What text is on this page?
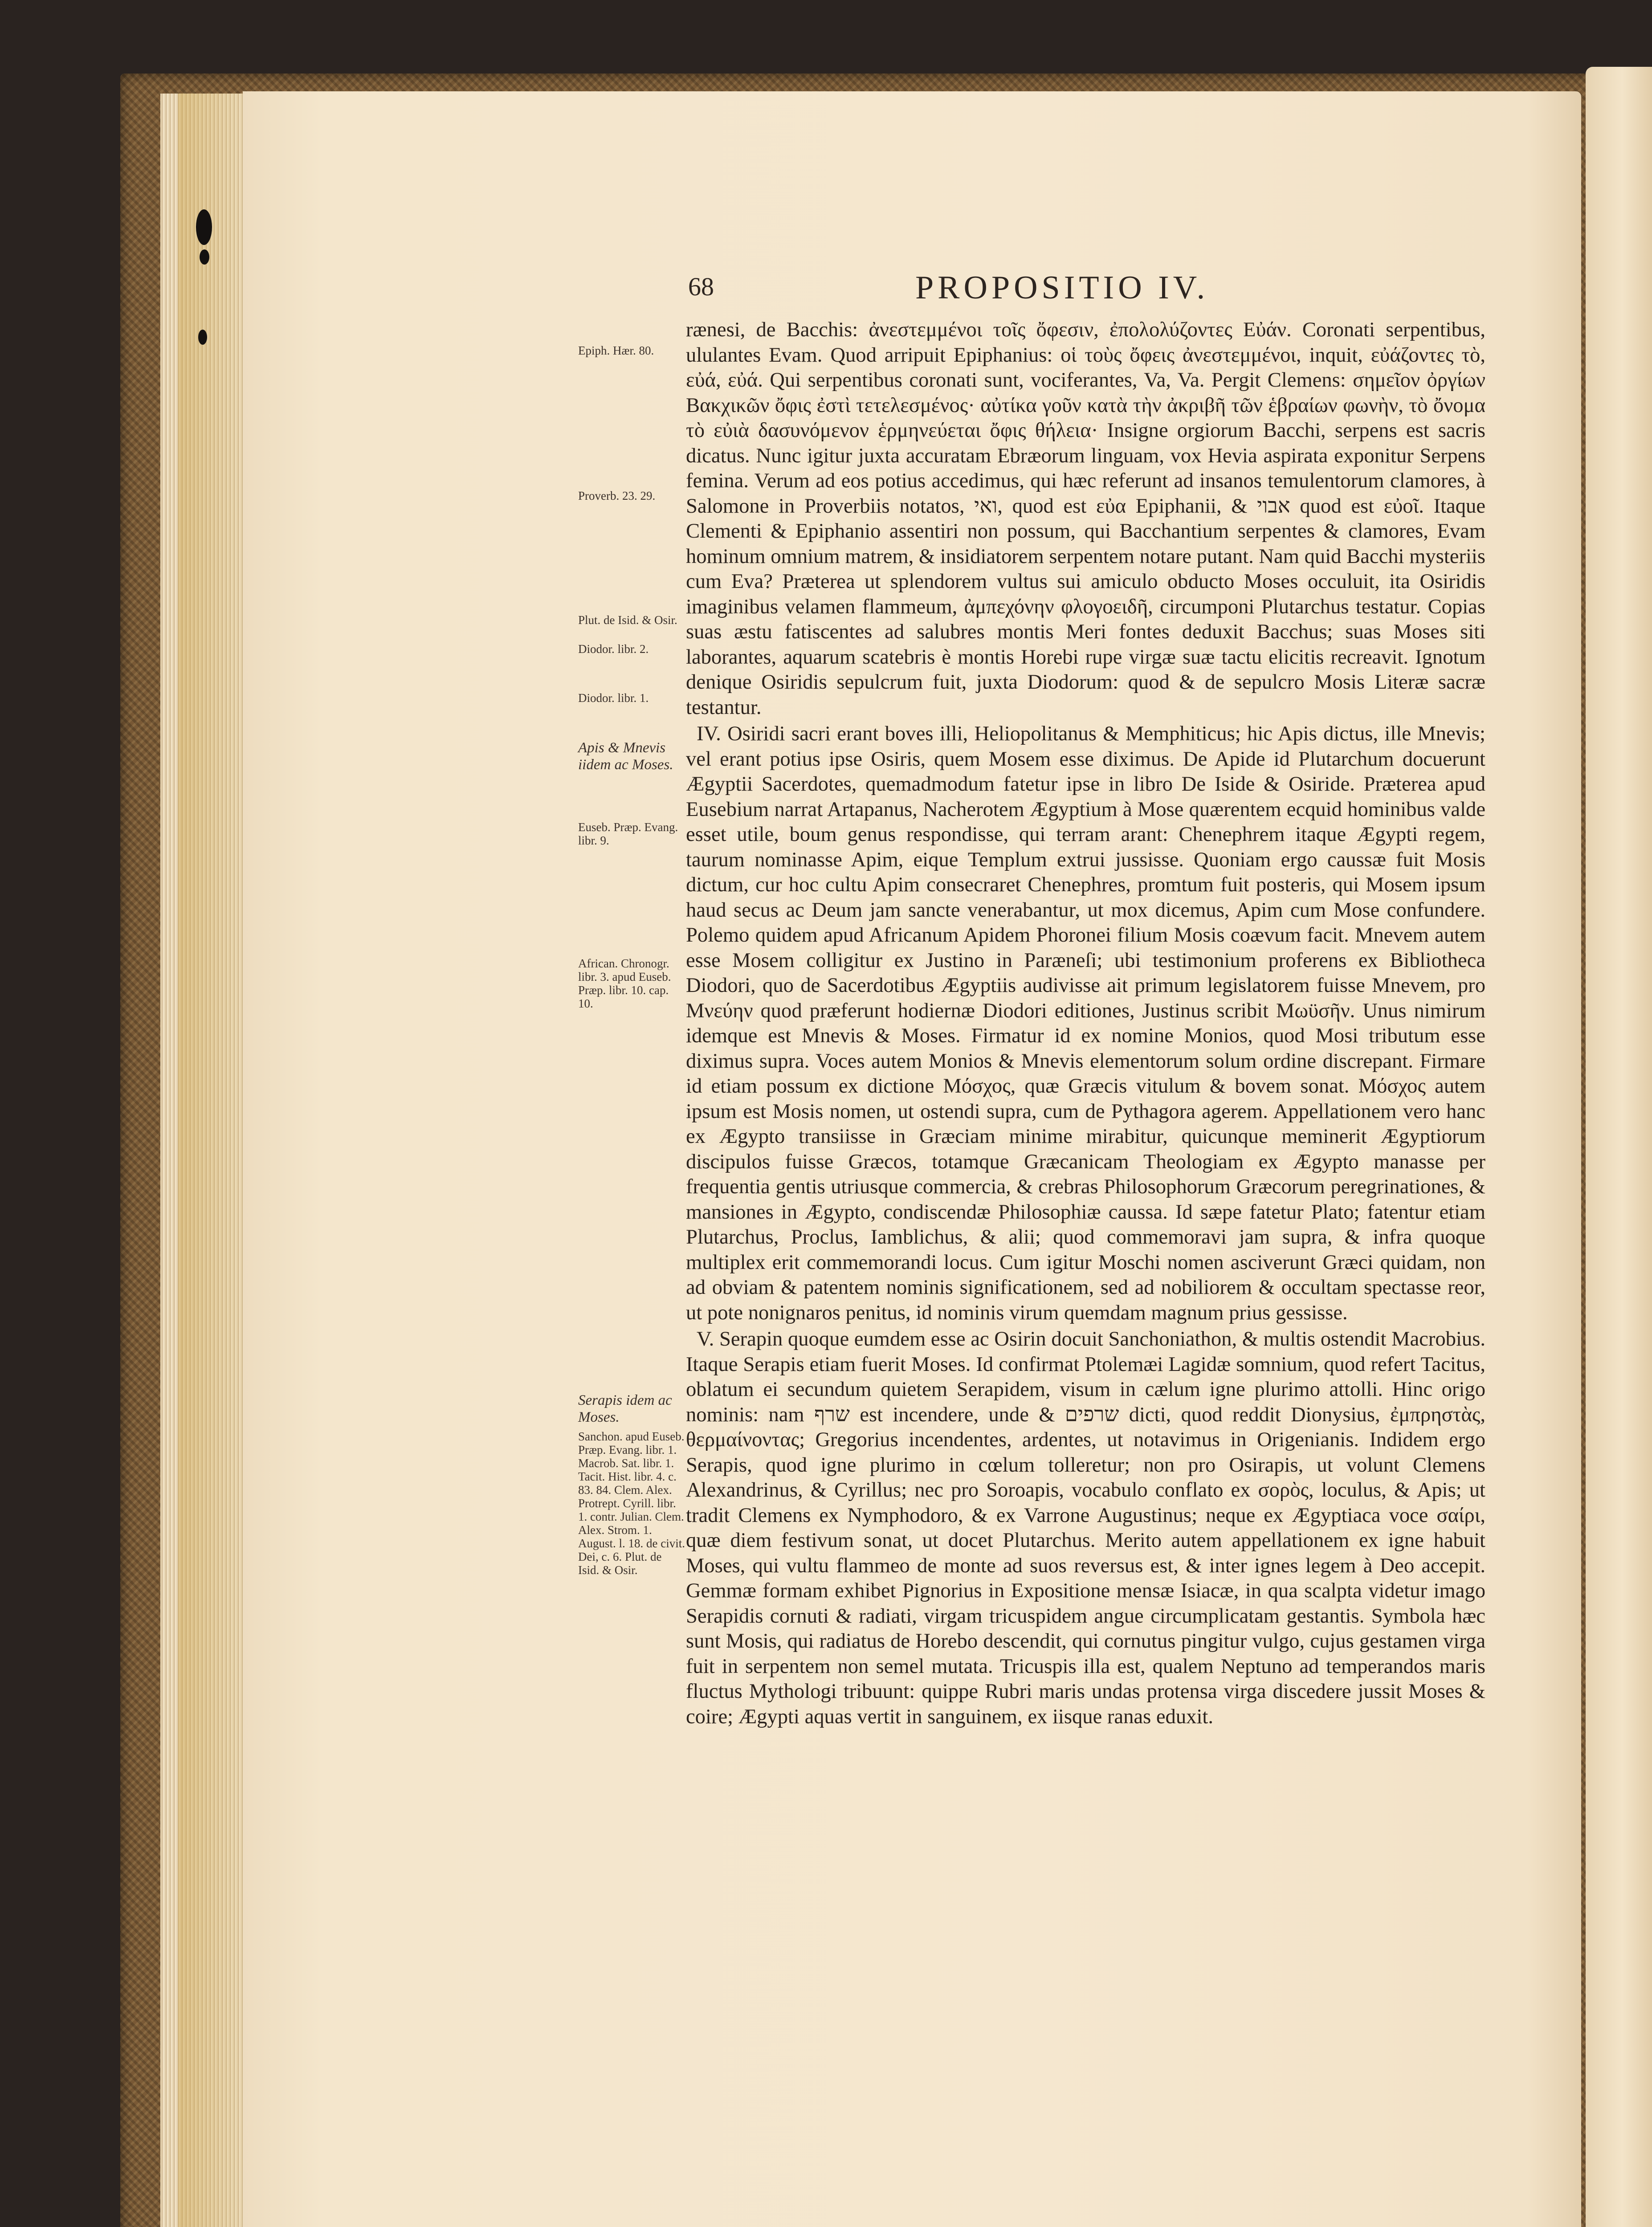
68	PROPOSITIO IV.

rænesi, de Bacchis: ἀνεστεμμένοι τοῖς ὄφεσιν, ἐπολολύζοντες Εὐάν. Coronati serpentibus, ululantes Evam. Quod arripuit Epiphanius: οἱ τοὺς ὄφεις ἀνεστεμμένοι, inquit, εὐάζοντες τὸ, εὐά, εὐά. Qui serpentibus coronati sunt, vociferantes, Va, Va. Pergit Clemens: σημεῖον ὀργίων Βακχικῶν ὄφις ἐστὶ τετελεσμένος· αὐτίκα γοῦν κατὰ τὴν ἀκριβῆ τῶν ἑβραίων φωνὴν, τὸ ὄνομα τὸ εὐιὰ δασυνόμενον ἑρμηνεύεται ὄφις θήλεια· Insigne orgiorum Bacchi, serpens est sacris dicatus. Nunc igitur juxta accuratam Ebræorum linguam, vox Hevia aspirata exponitur Serpens femina. Verum ad eos potius accedimus, qui hæc referunt ad insanos temulentorum clamores, à Salomone in Proverbiis notatos, ואי, quod est εὐα Epiphanii, & אבוי quod est εὐοῖ. Itaque Clementi & Epiphanio assentiri non possum, qui Bacchantium serpentes & clamores, Evam hominum omnium matrem, & insidiatorem serpentem notare putant. Nam quid Bacchi mysteriis cum Eva? Præterea ut splendorem vultus sui amiculo obducto Moses occuluit, ita Osiridis imaginibus velamen flammeum, ἀμπεχόνην φλογοειδῆ, circumponi Plutarchus testatur. Copias suas æstu fatiscentes ad salubres montis Meri fontes deduxit Bacchus; suas Moses siti laborantes, aquarum scatebris è montis Horebi rupe virgæ suæ tactu elicitis recreavit. Ignotum denique Osiridis sepulcrum fuit, juxta Diodorum: quod & de sepulcro Mosis Literæ sacræ testantur.

IV. Osiridi sacri erant boves illi, Heliopolitanus & Memphiticus; hic Apis dictus, ille Mnevis; vel erant potius ipse Osiris, quem Mosem esse diximus. De Apide id Plutarchum docuerunt Ægyptii Sacerdotes, quemadmodum fatetur ipse in libro De Iside & Osiride. Præterea apud Eusebium narrat Artapanus, Nacherotem Ægyptium à Mose quærentem ecquid hominibus valde esset utile, boum genus respondisse, qui terram arant: Chenephrem itaque Ægypti regem, taurum nominasse Apim, eique Templum extrui jussisse. Quoniam ergo caussæ fuit Mosis dictum, cur hoc cultu Apim consecraret Chenephres, promtum fuit posteris, qui Mosem ipsum haud secus ac Deum jam sancte venerabantur, ut mox dicemus, Apim cum Mose confundere. Polemo quidem apud Africanum Apidem Phoronei filium Mosis coævum facit. Mnevem autem esse Mosem colligitur ex Justino in Paræneſi; ubi testimonium proferens ex Bibliotheca Diodori, quo de Sacerdotibus Ægyptiis audivisse ait primum legislatorem fuisse Mnevem, pro Μνεύην quod præferunt hodiernæ Diodori editiones, Justinus scribit Μωϋσῆν. Unus nimirum idemque est Mnevis & Moses. Firmatur id ex nomine Monios, quod Mosi tributum esse diximus supra. Voces autem Monios & Mnevis elementorum solum ordine discrepant. Firmare id etiam possum ex dictione Μόσχος, quæ Græcis vitulum & bovem sonat. Μόσχος autem ipsum est Mosis nomen, ut ostendi supra, cum de Pythagora agerem. Appellationem vero hanc ex Ægypto transiisse in Græciam minime mirabitur, quicunque meminerit Ægyptiorum discipulos fuisse Græcos, totamque Græcanicam Theologiam ex Ægypto manasse per frequentia gentis utriusque commercia, & crebras Philosophorum Græcorum peregrinationes, & mansiones in Ægypto, condiscendæ Philosophiæ caussa. Id sæpe fatetur Plato; fatentur etiam Plutarchus, Proclus, Iamblichus, & alii; quod commemoravi jam supra, & infra quoque multiplex erit commemorandi locus. Cum igitur Moschi nomen asciverunt Græci quidam, non ad obviam & patentem nominis significationem, sed ad nobiliorem & occultam spectasse reor, ut pote nonignaros penitus, id nominis virum quemdam magnum prius gessisse.

V. Serapin quoque eumdem esse ac Osirin docuit Sanchoniathon, & multis ostendit Macrobius. Itaque Serapis etiam fuerit Moses. Id confirmat Ptolemæi Lagidæ somnium, quod refert Tacitus, oblatum ei secundum quietem Serapidem, visum in cælum igne plurimo attolli. Hinc origo nominis: nam שרף est incendere, unde & שרפים dicti, quod reddit Dionysius, ἐμπρηστὰς, θερμαίνοντας; Gregorius incendentes, ardentes, ut notavimus in Origenianis. Indidem ergo Serapis, quod igne plurimo in cœlum tolleretur; non pro Osirapis, ut volunt Clemens Alexandrinus, & Cyrillus; nec pro Soroapis, vocabulo conflato ex σορὸς, loculus, & Apis; ut tradit Clemens ex Nymphodoro, & ex Varrone Augustinus; neque ex Ægyptiaca voce σαίρι, quæ diem festivum sonat, ut docet Plutarchus. Merito autem appellationem ex igne habuit Moses, qui vultu flammeo de monte ad suos reversus est, & inter ignes legem à Deo accepit. Gemmæ formam exhibet Pignorius in Expositione mensæ Isiacæ, in qua scalpta videtur imago Serapidis cornuti & radiati, virgam tricuspidem angue circumplicatam gestantis. Symbola hæc sunt Mosis, qui radiatus de Horebo descendit, qui cornutus pingitur vulgo, cujus gestamen virga fuit in serpentem non semel mutata. Tricuspis illa est, qualem Neptuno ad temperandos maris fluctus Mythologi tribuunt: quippe Rubri maris undas protensa virga discedere jussit Moses & coire; Ægypti aquas vertit in sanguinem, ex iisque ranas eduxit.

Epiph. Hær. 80.
Proverb. 23. 29.
Plut. de Isid. & Osir.
Diodor. libr. 2.
Diodor. libr. 1.
Apis & Mnevis iidem ac Moses.
Euseb. Præp. Evang. libr. 9.
African. Chronogr. libr. 3. apud Euseb. Præp. libr. 10. cap. 10.
Serapis idem ac Moses.
Sanchon. apud Euseb. Præp. Evang. libr. 1. Macrob. Sat. libr. 1. Tacit. Hist. libr. 4. c. 83. 84. Clem. Alex. Protrept. Cyrill. libr. 1. contr. Julian. Clem. Alex. Strom. 1. August. l. 18. de civit. Dei, c. 6. Plut. de Isid. & Osir.
